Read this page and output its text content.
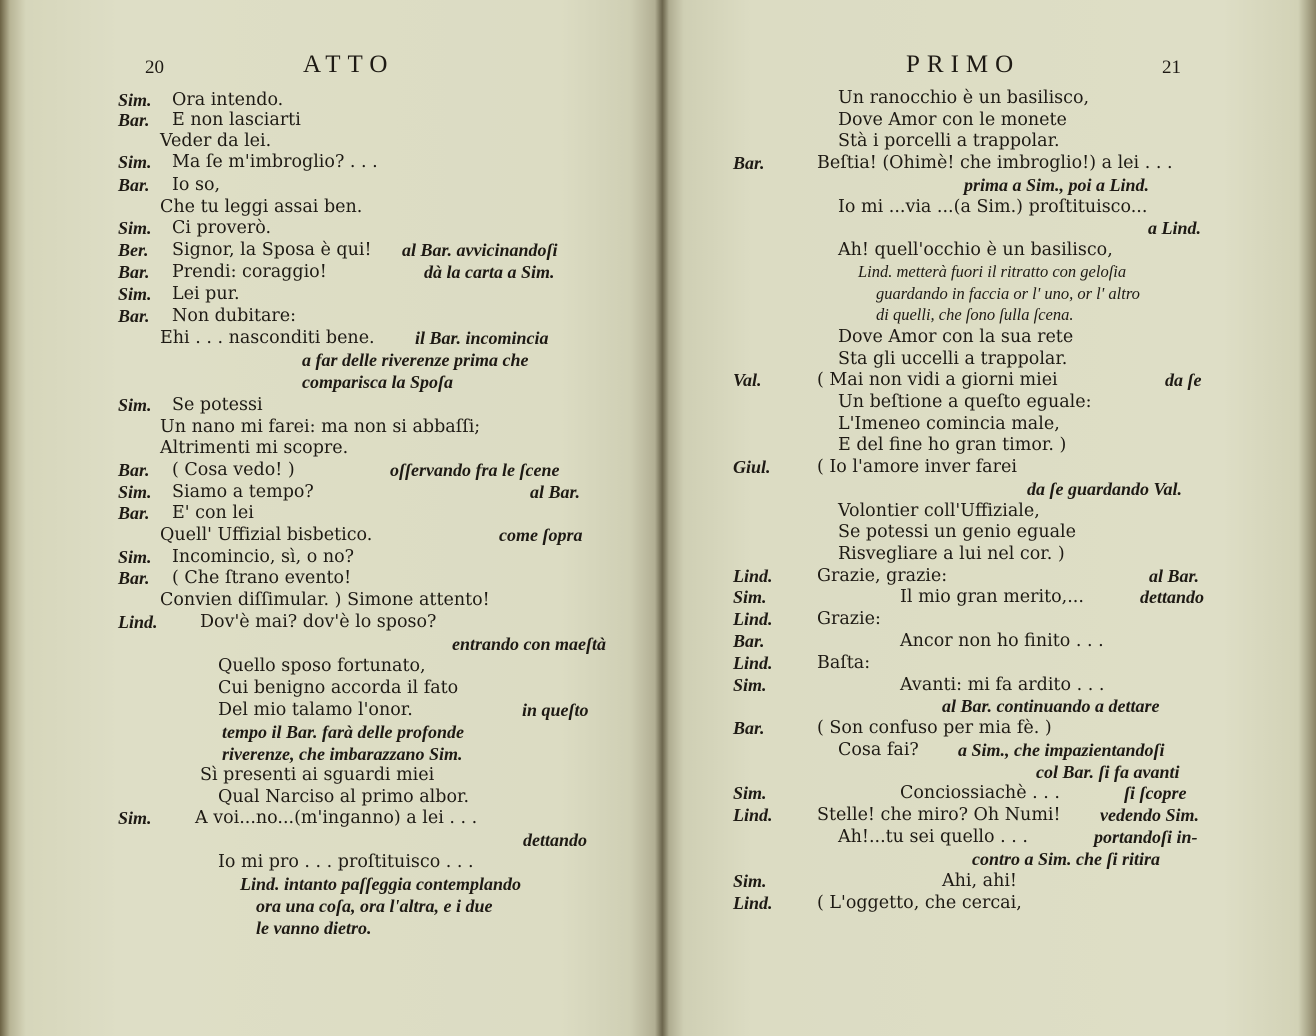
20	ATTO
Sim. Ora intendo.
Bar. E non lasciarti
Veder da lei.
Sim. Ma ſe m'imbroglio? . . .
Bar. Io so,
Che tu leggi assai ben.
Sim. Ci proverò.
Ber. Signor, la Sposa è qui! al Bar. avvicinandoſi
Bar. Prendi: coraggio!	dà la carta a Sim.
Sim. Lei pur.
Bar. Non dubitare:
Ehi . . . nasconditi bene. il Bar. incomincia
a far delle riverenze prima che
comparisca la Spoſa
Sim. Se potessi
Un nano mi farei: ma non si abbaſſi;
Altrimenti mi scopre.
Bar. ( Cosa vedo! )	oſſervando fra le ſcene
Sim. Siamo a tempo?	al Bar.
Bar. E' con lei
Quell' Uffizial bisbetico.	come ſopra
Sim. Incomincio, sì, o no?
Bar. ( Che ſtrano evento!
Convien diſſimular. ) Simone attento!
Lind. Dov'è mai? dov'è lo sposo?
entrando con maeſtà
Quello sposo fortunato,
Cui benigno accorda il fato
Del mio talamo l'onor.	in queſto
tempo il Bar. farà delle profonde
riverenze, che imbarazzano Sim.
Sì presenti ai sguardi miei
Qual Narciso al primo albor.
Sim. A voi...no...(m'inganno) a lei . . .
dettando
Io mi pro . . . proſtituisco . . .
Lind. intanto paſſeggia contemplando
ora una coſa, ora l'altra, e i due
le vanno dietro.
PRIMO	21
Un ranocchio è un basilisco,
Dove Amor con le monete
Stà i porcelli a trappolar.
Bar.	Beſtia! (Ohimè! che imbroglio!) a lei . . .
prima a Sim., poi a Lind.
Io mi ...via ...(a Sim.) proſtituisco...
a Lind.
Ah! quell'occhio è un basilisco,
Lind. metterà fuori il ritratto con geloſia
guardando in faccia or l' uno, or l' altro
di quelli, che ſono ſulla ſcena.
Dove Amor con la sua rete
Sta gli uccelli a trappolar.
Val.	( Mai non vidi a giorni miei	da ſe
Un beſtione a queſto eguale:
L'Imeneo comincia male,
E del fine ho gran timor. )
Giul.	( Io l'amore inver farei
da ſe guardando Val.
Volontier coll'Uffiziale,
Se potessi un genio eguale
Risvegliare a lui nel cor. )
Lind.	Grazie, grazie:	al Bar.
Sim.	Il mio gran merito,...	dettando
Lind.	Grazie:
Bar.	Ancor non ho finito . . .
Lind.	Baſta:
Sim.	Avanti: mi fa ardito . . .
al Bar. continuando a dettare
Bar.	( Son confuso per mia fè. )
Cosa fai? a Sim., che impazientandoſi
col Bar. ſi fa avanti
Sim.	Conciossiachè . . .	ſi ſcopre
Lind.	Stelle! che miro? Oh Numi! vedendo Sim.
Ah!...tu sei quello . . .	portandoſi in-
contro a Sim. che ſi ritira
Sim.	Ahi, ahi!
Lind.	( L'oggetto, che cercai,
